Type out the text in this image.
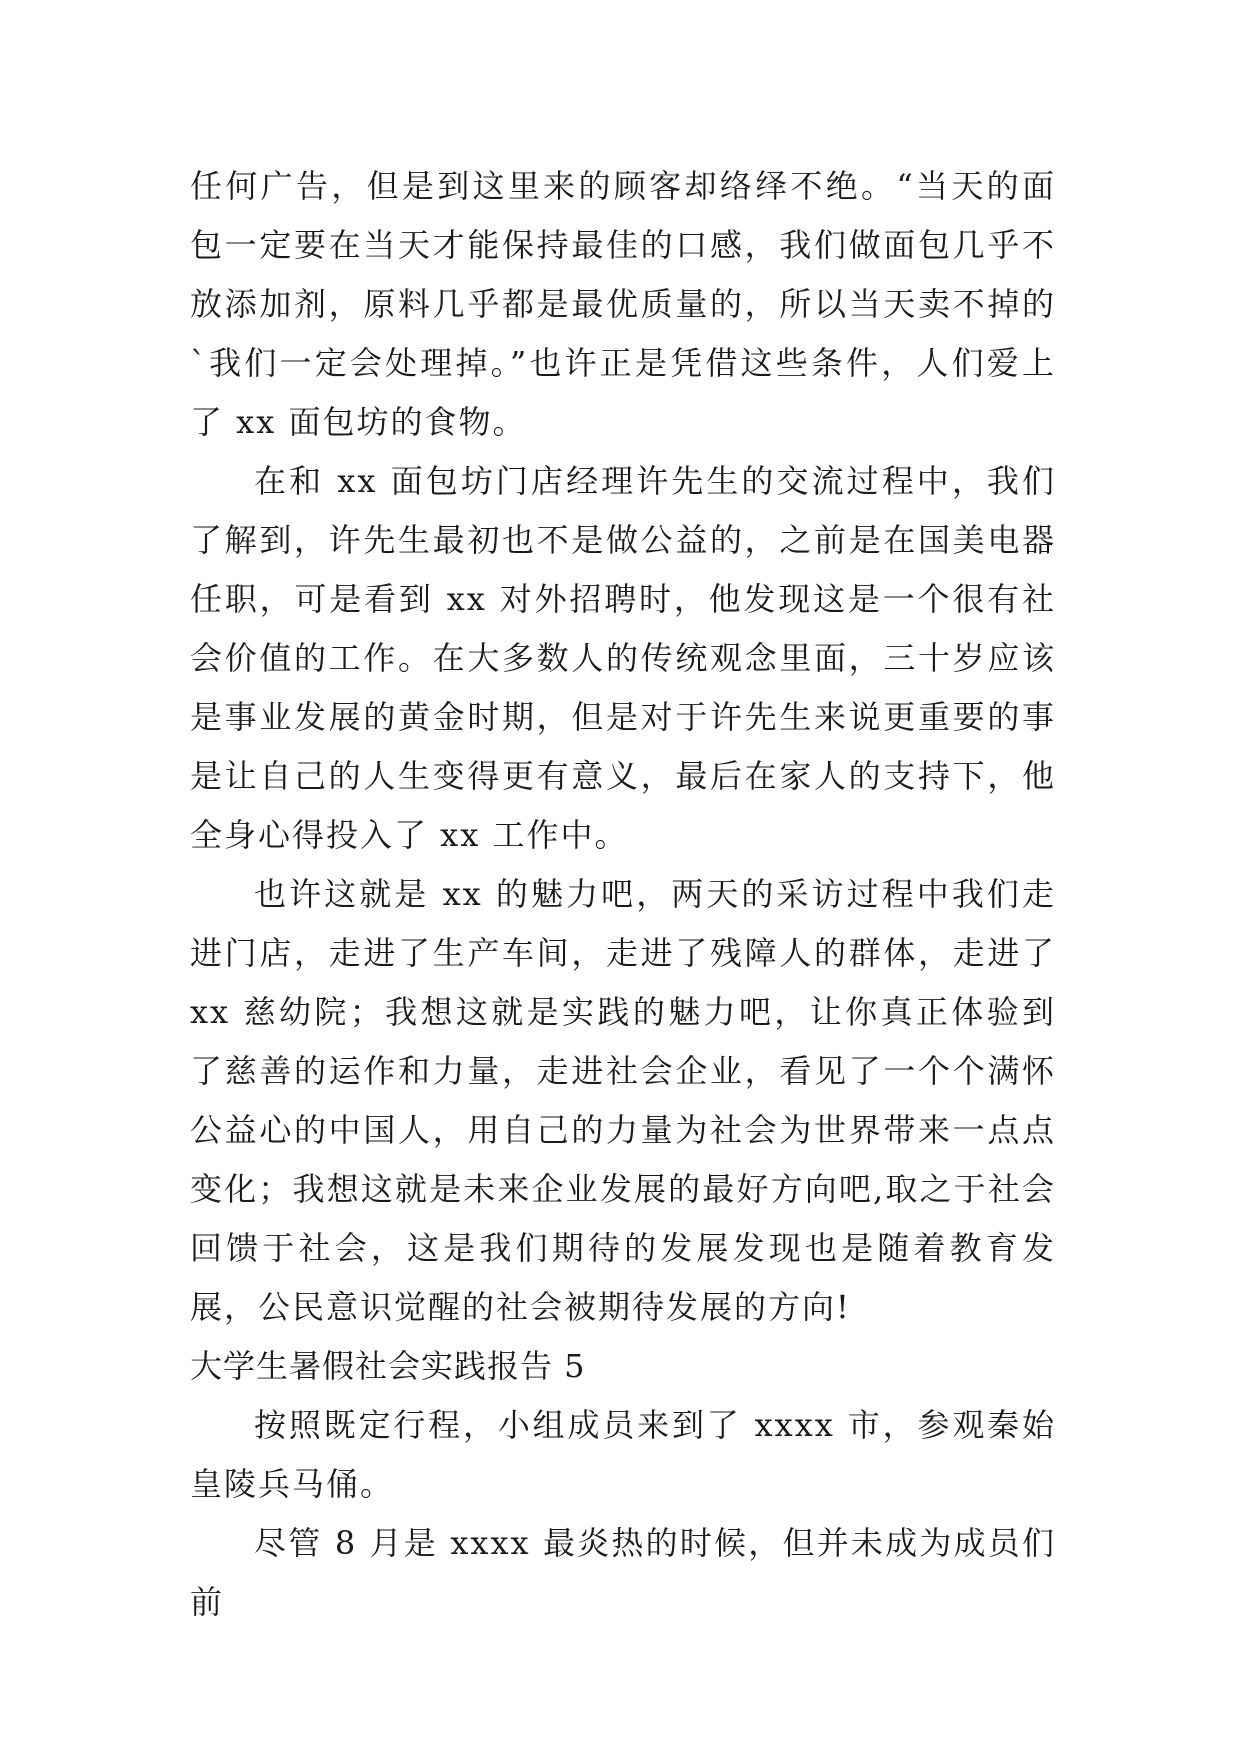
任何广告，但是到这里来的顾客却络绎不绝。“当天的面包一定要在当天才能保持最佳的口感，我们做面包几乎不放添加剂，原料几乎都是最优质量的，所以当天卖不掉的`我们一定会处理掉。”也许正是凭借这些条件，人们爱上了 xx 面包坊的食物。

在和 xx 面包坊门店经理许先生的交流过程中，我们了解到，许先生最初也不是做公益的，之前是在国美电器任职，可是看到 xx 对外招聘时，他发现这是一个很有社会价值的工作。在大多数人的传统观念里面，三十岁应该是事业发展的黄金时期，但是对于许先生来说更重要的事是让自己的人生变得更有意义，最后在家人的支持下，他全身心得投入了 xx 工作中。

也许这就是 xx 的魅力吧，两天的采访过程中我们走进门店，走进了生产车间，走进了残障人的群体，走进了 xx 慈幼院；我想这就是实践的魅力吧，让你真正体验到了慈善的运作和力量，走进社会企业，看见了一个个满怀公益心的中国人，用自己的力量为社会为世界带来一点点变化；我想这就是未来企业发展的最好方向吧,取之于社会回馈于社会，这是我们期待的发展发现也是随着教育发展，公民意识觉醒的社会被期待发展的方向!

大学生暑假社会实践报告 5

按照既定行程，小组成员来到了 xxxx 市，参观秦始皇陵兵马俑。

尽管 8 月是 xxxx 最炎热的时候，但并未成为成员们前
